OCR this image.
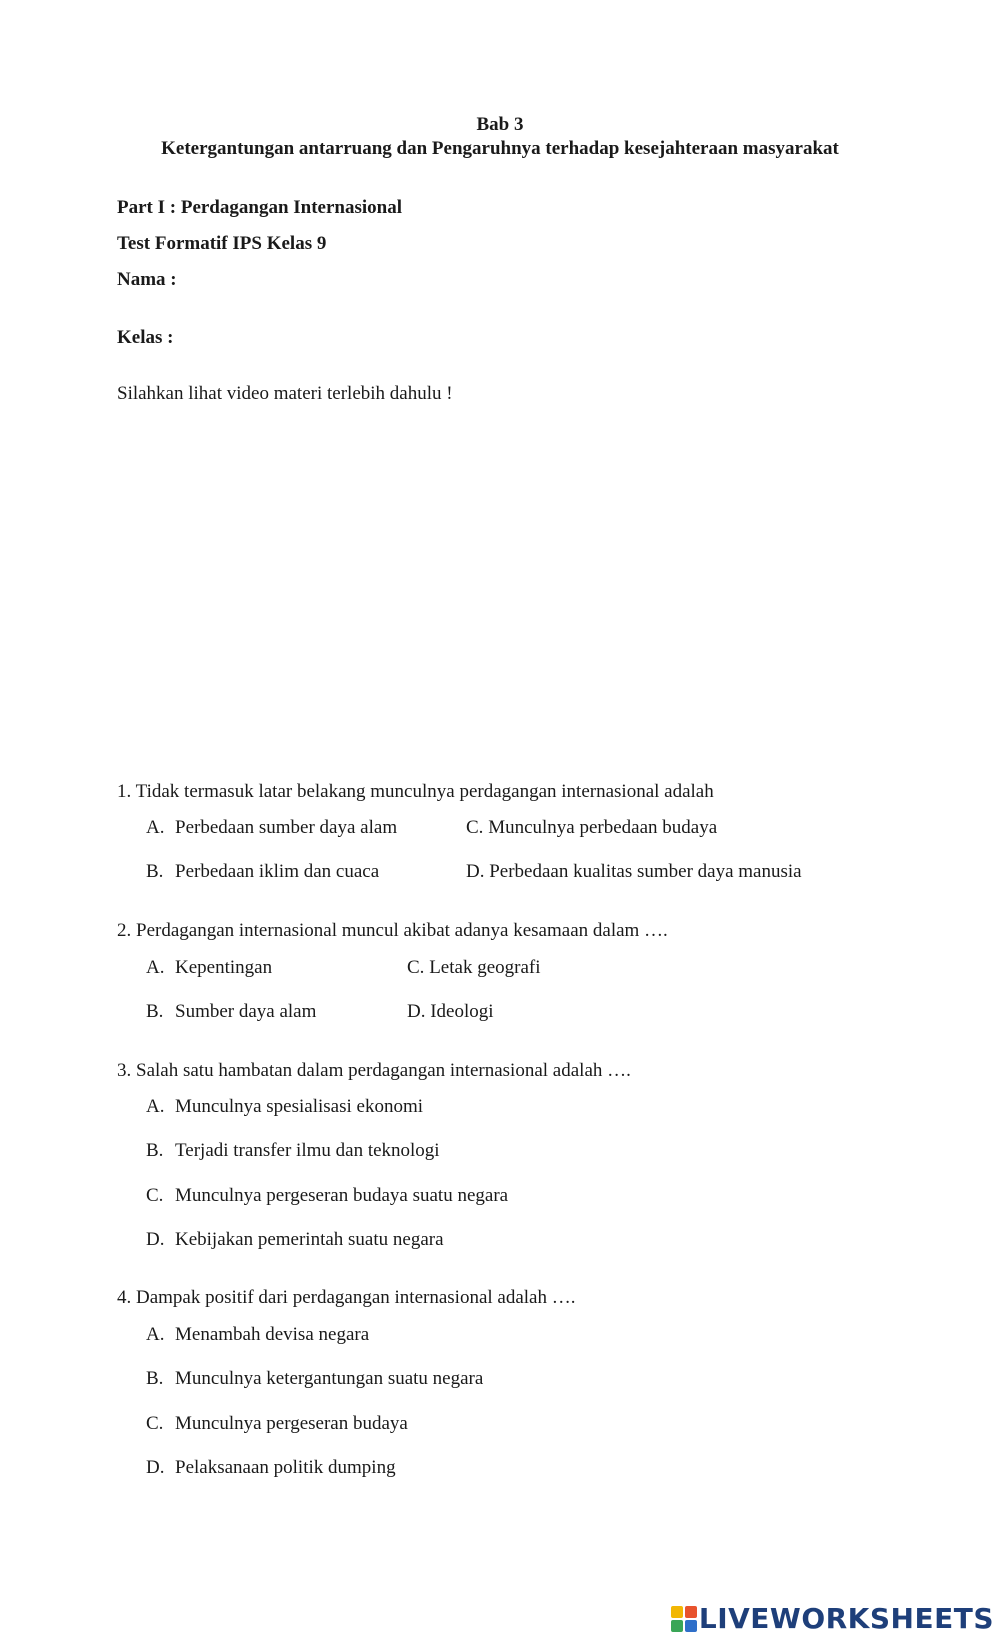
Bab 3
Ketergantungan antarruang dan Pengaruhnya terhadap kesejahteraan masyarakat
Part I : Perdagangan Internasional
Test Formatif IPS Kelas 9
Nama :
Kelas :
Silahkan lihat video materi terlebih dahulu !
1. Tidak termasuk latar belakang munculnya perdagangan internasional adalah
A. Perbedaan sumber daya alam	C. Munculnya perbedaan budaya
B. Perbedaan iklim dan cuaca	D. Perbedaan kualitas sumber daya manusia
2. Perdagangan internasional muncul akibat adanya kesamaan dalam ….
A. Kepentingan	C. Letak geografi
B. Sumber daya alam	D. Ideologi
3. Salah satu hambatan dalam perdagangan internasional adalah ….
A. Munculnya spesialisasi ekonomi
B. Terjadi transfer ilmu dan teknologi
C. Munculnya pergeseran budaya suatu negara
D. Kebijakan pemerintah suatu negara
4. Dampak positif dari perdagangan internasional adalah ….
A. Menambah devisa negara
B. Munculnya ketergantungan suatu negara
C. Munculnya pergeseran budaya
D. Pelaksanaan politik dumping
LIVEWORKSHEETS
